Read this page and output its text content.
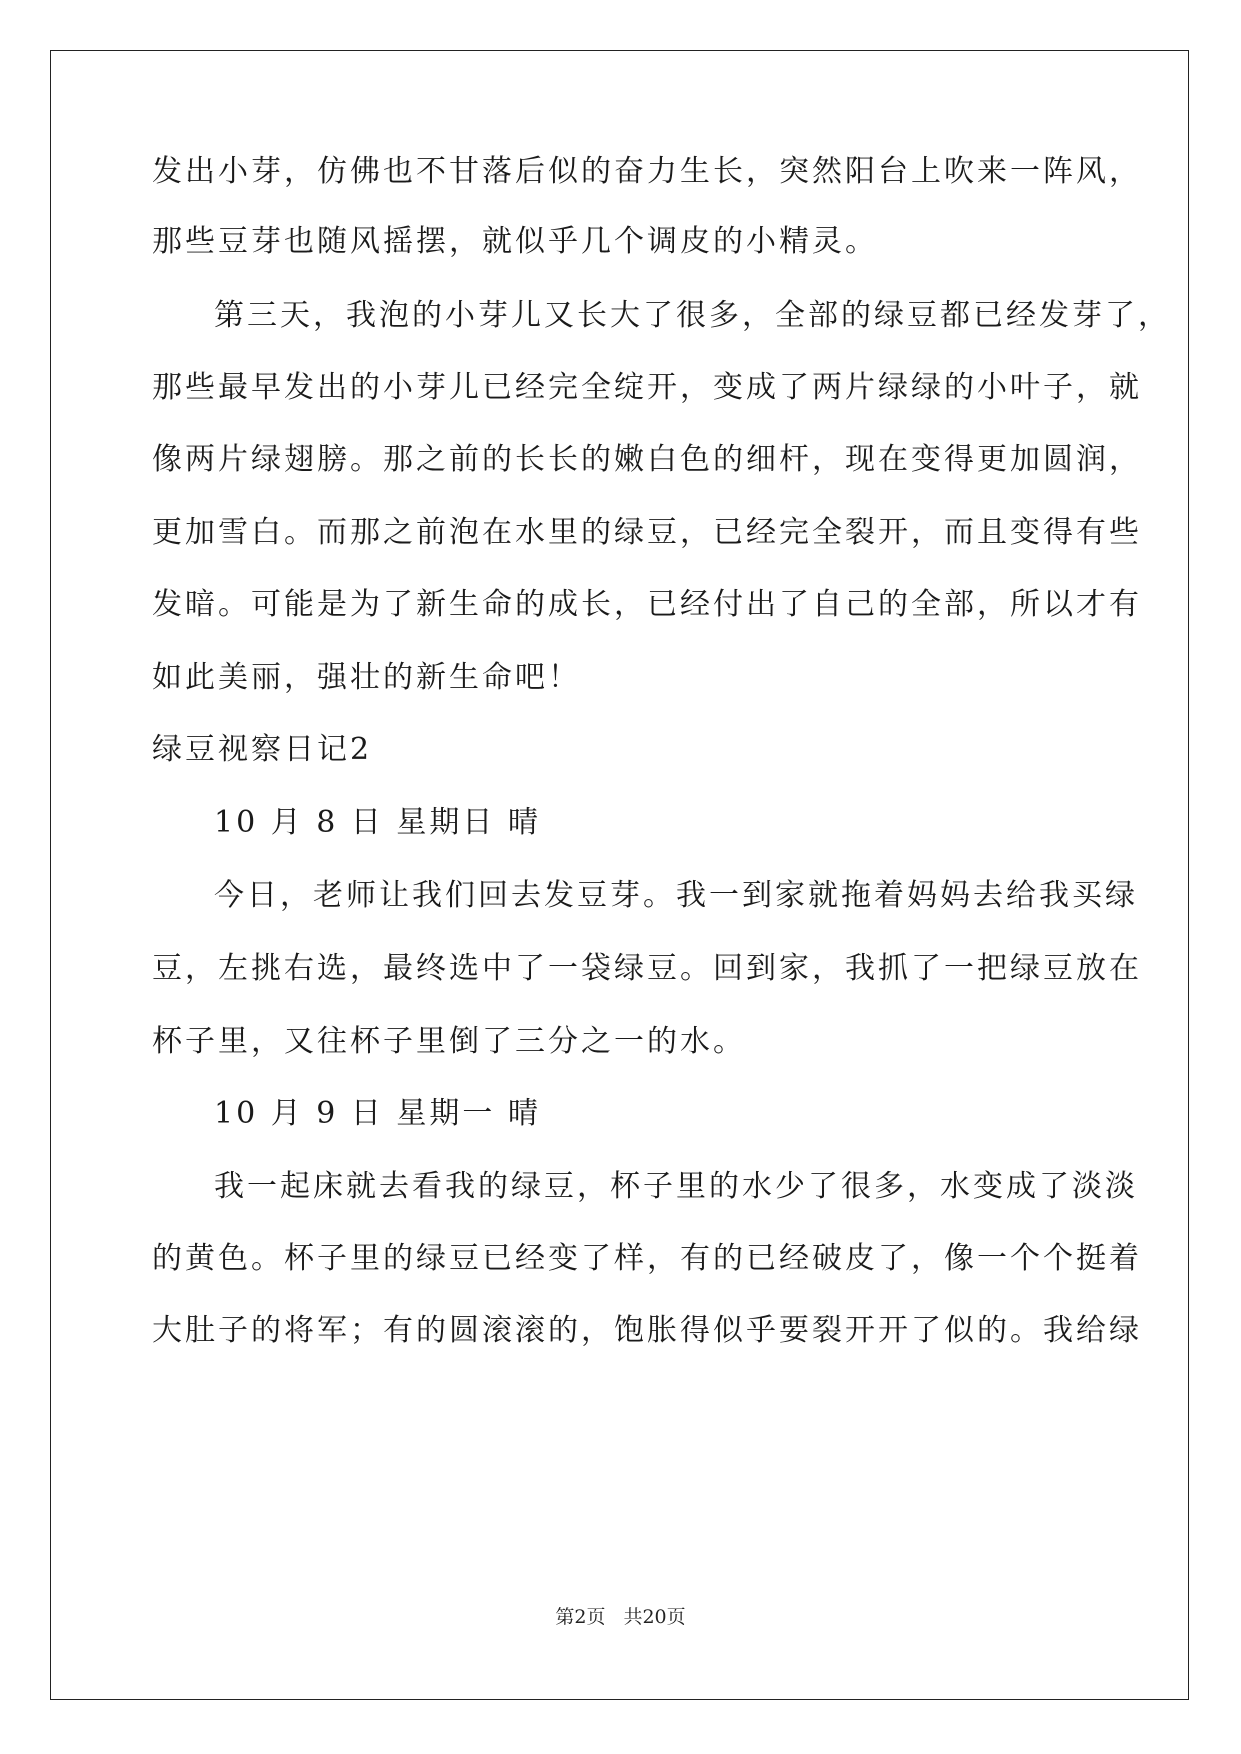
发出小芽，仿佛也不甘落后似的奋力生长，突然阳台上吹来一阵风，
那些豆芽也随风摇摆，就似乎几个调皮的小精灵。
第三天，我泡的小芽儿又长大了很多，全部的绿豆都已经发芽了，
那些最早发出的小芽儿已经完全绽开，变成了两片绿绿的小叶子，就
像两片绿翅膀。那之前的长长的嫩白色的细杆，现在变得更加圆润，
更加雪白。而那之前泡在水里的绿豆，已经完全裂开，而且变得有些
发暗。可能是为了新生命的成长，已经付出了自己的全部，所以才有
如此美丽，强壮的新生命吧！
绿豆视察日记2
10 月 8 日 星期日 晴
今日，老师让我们回去发豆芽。我一到家就拖着妈妈去给我买绿
豆，左挑右选，最终选中了一袋绿豆。回到家，我抓了一把绿豆放在
杯子里，又往杯子里倒了三分之一的水。
10 月 9 日 星期一 晴
我一起床就去看我的绿豆，杯子里的水少了很多，水变成了淡淡
的黄色。杯子里的绿豆已经变了样，有的已经破皮了，像一个个挺着
大肚子的将军；有的圆滚滚的，饱胀得似乎要裂开开了似的。我给绿
第2页 共20页
